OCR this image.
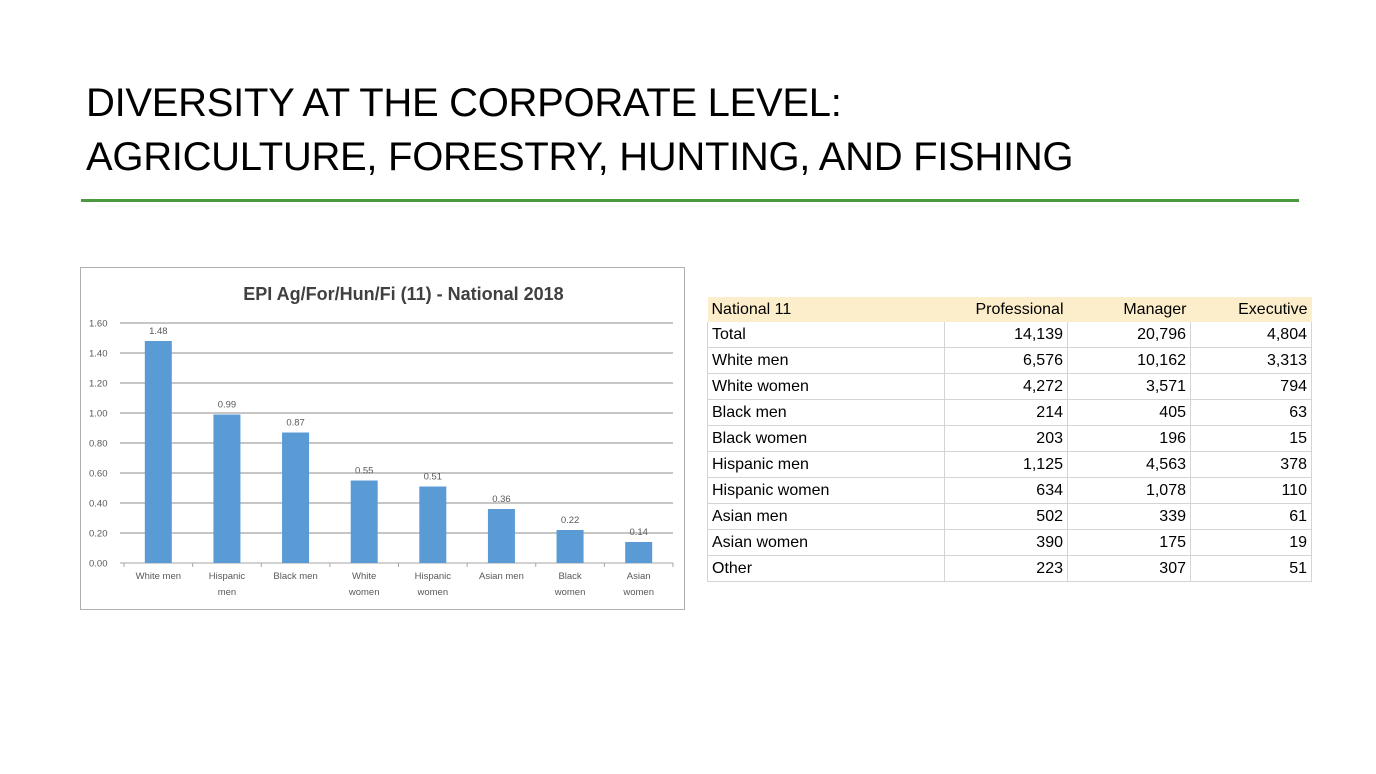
DIVERSITY AT THE CORPORATE LEVEL:
AGRICULTURE, FORESTRY, HUNTING, AND FISHING
EPI Ag/For/Hun/Fi (11) - National 2018
0.00
0.20
0.40
0.60
0.80
1.00
1.20
1.40
1.60
1.48
White men
0.99
Hispanic
men
0.87
Black men
0.55
White
women
0.51
Hispanic
women
0.36
Asian men
0.22
Black
women
0.14
Asian
women
National 11	Professional	Manager	Executive
Total	14,139	20,796	4,804
White men	6,576	10,162	3,313
White women	4,272	3,571	794
Black men	214	405	63
Black women	203	196	15
Hispanic men	1,125	4,563	378
Hispanic women	634	1,078	110
Asian men	502	339	61
Asian women	390	175	19
Other	223	307	51
